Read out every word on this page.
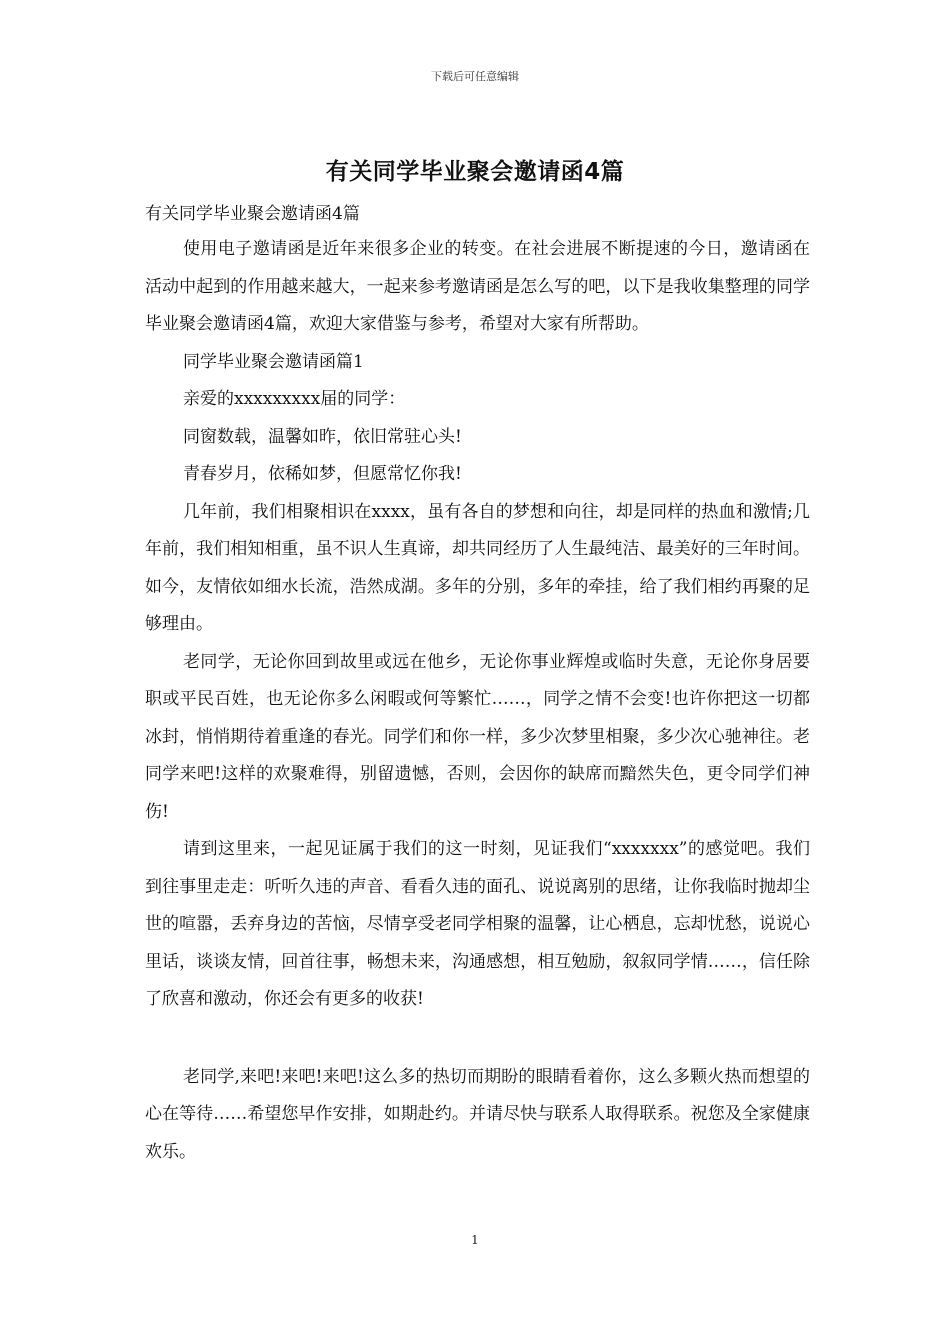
下载后可任意编辑
有关同学毕业聚会邀请函4篇

有关同学毕业聚会邀请函4篇

使用电子邀请函是近年来很多企业的转变。在社会进展不断提速的今日，邀请函在活动中起到的作用越来越大，一起来参考邀请函是怎么写的吧，以下是我收集整理的同学毕业聚会邀请函4篇，欢迎大家借鉴与参考，希望对大家有所帮助。

同学毕业聚会邀请函篇1

亲爱的xxxxxxxxx届的同学：

同窗数载，温馨如昨，依旧常驻心头!

青春岁月，依稀如梦，但愿常忆你我!

几年前，我们相聚相识在xxxx，虽有各自的梦想和向往，却是同样的热血和激情;几年前，我们相知相重，虽不识人生真谛，却共同经历了人生最纯洁、最美好的三年时间。如今，友情依如细水长流，浩然成湖。多年的分别，多年的牵挂，给了我们相约再聚的足够理由。

老同学，无论你回到故里或远在他乡，无论你事业辉煌或临时失意，无论你身居要职或平民百姓，也无论你多么闲暇或何等繁忙……，同学之情不会变!也许你把这一切都冰封，悄悄期待着重逢的春光。同学们和你一样，多少次梦里相聚，多少次心驰神往。老同学来吧!这样的欢聚难得，别留遗憾，否则，会因你的缺席而黯然失色，更令同学们神伤!

请到这里来，一起见证属于我们的这一时刻，见证我们“xxxxxxx”的感觉吧。我们到往事里走走：听听久违的声音、看看久违的面孔、说说离别的思绪，让你我临时抛却尘世的喧嚣，丢弃身边的苦恼，尽情享受老同学相聚的温馨，让心栖息，忘却忧愁，说说心里话，谈谈友情，回首往事，畅想未来，沟通感想，相互勉励，叙叙同学情……，信任除了欣喜和激动，你还会有更多的收获!

老同学,来吧!来吧!来吧!这么多的热切而期盼的眼睛看着你，这么多颗火热而想望的心在等待……希望您早作安排，如期赴约。并请尽快与联系人取得联系。祝您及全家健康欢乐。

1
